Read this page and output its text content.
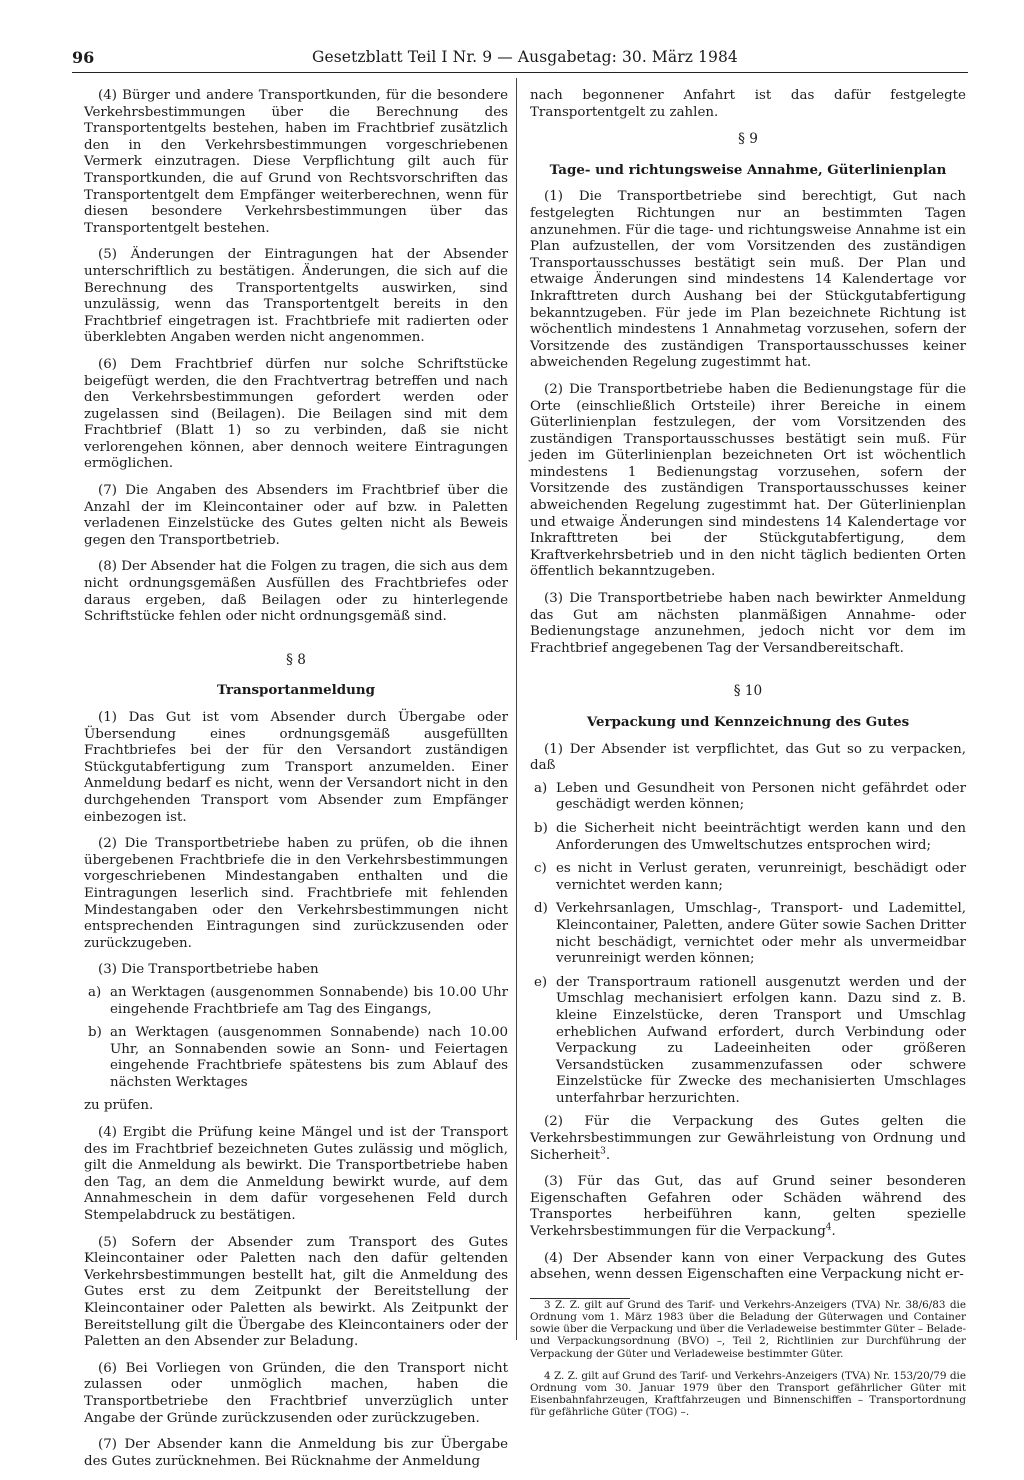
96	Gesetzblatt Teil I Nr. 9 — Ausgabetag: 30. März 1984

(4) Bürger und andere Transportkunden, für die besondere Verkehrsbestimmungen über die Berechnung des Transportentgelts bestehen, haben im Frachtbrief zusätzlich den in den Verkehrsbestimmungen vorgeschriebenen Vermerk einzutragen. Diese Verpflichtung gilt auch für Transportkunden, die auf Grund von Rechtsvorschriften das Transportentgelt dem Empfänger weiterberechnen, wenn für diesen besondere Verkehrsbestimmungen über das Transportentgelt bestehen.

(5) Änderungen der Eintragungen hat der Absender unterschriftlich zu bestätigen. Änderungen, die sich auf die Berechnung des Transportentgelts auswirken, sind unzulässig, wenn das Transportentgelt bereits in den Frachtbrief eingetragen ist. Frachtbriefe mit radierten oder überklebten Angaben werden nicht angenommen.

(6) Dem Frachtbrief dürfen nur solche Schriftstücke beigefügt werden, die den Frachtvertrag betreffen und nach den Verkehrsbestimmungen gefordert werden oder zugelassen sind (Beilagen). Die Beilagen sind mit dem Frachtbrief (Blatt 1) so zu verbinden, daß sie nicht verlorengehen können, aber dennoch weitere Eintragungen ermöglichen.

(7) Die Angaben des Absenders im Frachtbrief über die Anzahl der im Kleincontainer oder auf bzw. in Paletten verladenen Einzelstücke des Gutes gelten nicht als Beweis gegen den Transportbetrieb.

(8) Der Absender hat die Folgen zu tragen, die sich aus dem nicht ordnungsgemäßen Ausfüllen des Frachtbriefes oder daraus ergeben, daß Beilagen oder zu hinterlegende Schriftstücke fehlen oder nicht ordnungsgemäß sind.

§ 8
Transportanmeldung

(1) Das Gut ist vom Absender durch Übergabe oder Übersendung eines ordnungsgemäß ausgefüllten Frachtbriefes bei der für den Versandort zuständigen Stückgutabfertigung zum Transport anzumelden. Einer Anmeldung bedarf es nicht, wenn der Versandort nicht in den durchgehenden Transport vom Absender zum Empfänger einbezogen ist.

(2) Die Transportbetriebe haben zu prüfen, ob die ihnen übergebenen Frachtbriefe die in den Verkehrsbestimmungen vorgeschriebenen Mindestangaben enthalten und die Eintragungen leserlich sind. Frachtbriefe mit fehlenden Mindestangaben oder den Verkehrsbestimmungen nicht entsprechenden Eintragungen sind zurückzusenden oder zurückzugeben.

(3) Die Transportbetriebe haben

a) an Werktagen (ausgenommen Sonnabende) bis 10.00 Uhr eingehende Frachtbriefe am Tag des Eingangs,
b) an Werktagen (ausgenommen Sonnabende) nach 10.00 Uhr, an Sonnabenden sowie an Sonn- und Feiertagen eingehende Frachtbriefe spätestens bis zum Ablauf des nächsten Werktages

zu prüfen.

(4) Ergibt die Prüfung keine Mängel und ist der Transport des im Frachtbrief bezeichneten Gutes zulässig und möglich, gilt die Anmeldung als bewirkt. Die Transportbetriebe haben den Tag, an dem die Anmeldung bewirkt wurde, auf dem Annahmeschein in dem dafür vorgesehenen Feld durch Stempelabdruck zu bestätigen.

(5) Sofern der Absender zum Transport des Gutes Kleincontainer oder Paletten nach den dafür geltenden Verkehrsbestimmungen bestellt hat, gilt die Anmeldung des Gutes erst zu dem Zeitpunkt der Bereitstellung der Kleincontainer oder Paletten als bewirkt. Als Zeitpunkt der Bereitstellung gilt die Übergabe des Kleincontainers oder der Paletten an den Absender zur Beladung.

(6) Bei Vorliegen von Gründen, die den Transport nicht zulassen oder unmöglich machen, haben die Transportbetriebe den Frachtbrief unverzüglich unter Angabe der Gründe zurückzusenden oder zurückzugeben.

(7) Der Absender kann die Anmeldung bis zur Übergabe des Gutes zurücknehmen. Bei Rücknahme der Anmeldung

nach begonnener Anfahrt ist das dafür festgelegte Transportentgelt zu zahlen.

§ 9
Tage- und richtungsweise Annahme, Güterlinienplan

(1) Die Transportbetriebe sind berechtigt, Gut nach festgelegten Richtungen nur an bestimmten Tagen anzunehmen. Für die tage- und richtungsweise Annahme ist ein Plan aufzustellen, der vom Vorsitzenden des zuständigen Transportausschusses bestätigt sein muß. Der Plan und etwaige Änderungen sind mindestens 14 Kalendertage vor Inkrafttreten durch Aushang bei der Stückgutabfertigung bekanntzugeben. Für jede im Plan bezeichnete Richtung ist wöchentlich mindestens 1 Annahmetag vorzusehen, sofern der Vorsitzende des zuständigen Transportausschusses keiner abweichenden Regelung zugestimmt hat.

(2) Die Transportbetriebe haben die Bedienungstage für die Orte (einschließlich Ortsteile) ihrer Bereiche in einem Güterlinienplan festzulegen, der vom Vorsitzenden des zuständigen Transportausschusses bestätigt sein muß. Für jeden im Güterlinienplan bezeichneten Ort ist wöchentlich mindestens 1 Bedienungstag vorzusehen, sofern der Vorsitzende des zuständigen Transportausschusses keiner abweichenden Regelung zugestimmt hat. Der Güterlinienplan und etwaige Änderungen sind mindestens 14 Kalendertage vor Inkrafttreten bei der Stückgutabfertigung, dem Kraftverkehrsbetrieb und in den nicht täglich bedienten Orten öffentlich bekanntzugeben.

(3) Die Transportbetriebe haben nach bewirkter Anmeldung das Gut am nächsten planmäßigen Annahme- oder Bedienungstage anzunehmen, jedoch nicht vor dem im Frachtbrief angegebenen Tag der Versandbereitschaft.

§ 10
Verpackung und Kennzeichnung des Gutes

(1) Der Absender ist verpflichtet, das Gut so zu verpacken, daß

a) Leben und Gesundheit von Personen nicht gefährdet oder geschädigt werden können;
b) die Sicherheit nicht beeinträchtigt werden kann und den Anforderungen des Umweltschutzes entsprochen wird;
c) es nicht in Verlust geraten, verunreinigt, beschädigt oder vernichtet werden kann;
d) Verkehrsanlagen, Umschlag-, Transport- und Lademittel, Kleincontainer, Paletten, andere Güter sowie Sachen Dritter nicht beschädigt, vernichtet oder mehr als unvermeidbar verunreinigt werden können;
e) der Transportraum rationell ausgenutzt werden und der Umschlag mechanisiert erfolgen kann. Dazu sind z. B. kleine Einzelstücke, deren Transport und Umschlag erheblichen Aufwand erfordert, durch Verbindung oder Verpackung zu Ladeeinheiten oder größeren Versandstücken zusammenzufassen oder schwere Einzelstücke für Zwecke des mechanisierten Umschlages unterfahrbar herzurichten.

(2) Für die Verpackung des Gutes gelten die Verkehrsbestimmungen zur Gewährleistung von Ordnung und Sicherheit$^3$.

(3) Für das Gut, das auf Grund seiner besonderen Eigenschaften Gefahren oder Schäden während des Transportes herbeiführen kann, gelten spezielle Verkehrsbestimmungen für die Verpackung$^4$.

(4) Der Absender kann von einer Verpackung des Gutes absehen, wenn dessen Eigenschaften eine Verpackung nicht er-

3 Z. Z. gilt auf Grund des Tarif- und Verkehrs-Anzeigers (TVA) Nr. 38/6/83 die Ordnung vom 1. März 1983 über die Beladung der Güterwagen und Container sowie über die Verpackung und über die Verladeweise bestimmter Güter – Belade- und Verpackungsordnung (BVO) –, Teil 2, Richtlinien zur Durchführung der Verpackung der Güter und Verladeweise bestimmter Güter.

4 Z. Z. gilt auf Grund des Tarif- und Verkehrs-Anzeigers (TVA) Nr. 153/20/79 die Ordnung vom 30. Januar 1979 über den Transport gefährlicher Güter mit Eisenbahnfahrzeugen, Kraftfahrzeugen und Binnenschiffen – Transportordnung für gefährliche Güter (TOG) –.
